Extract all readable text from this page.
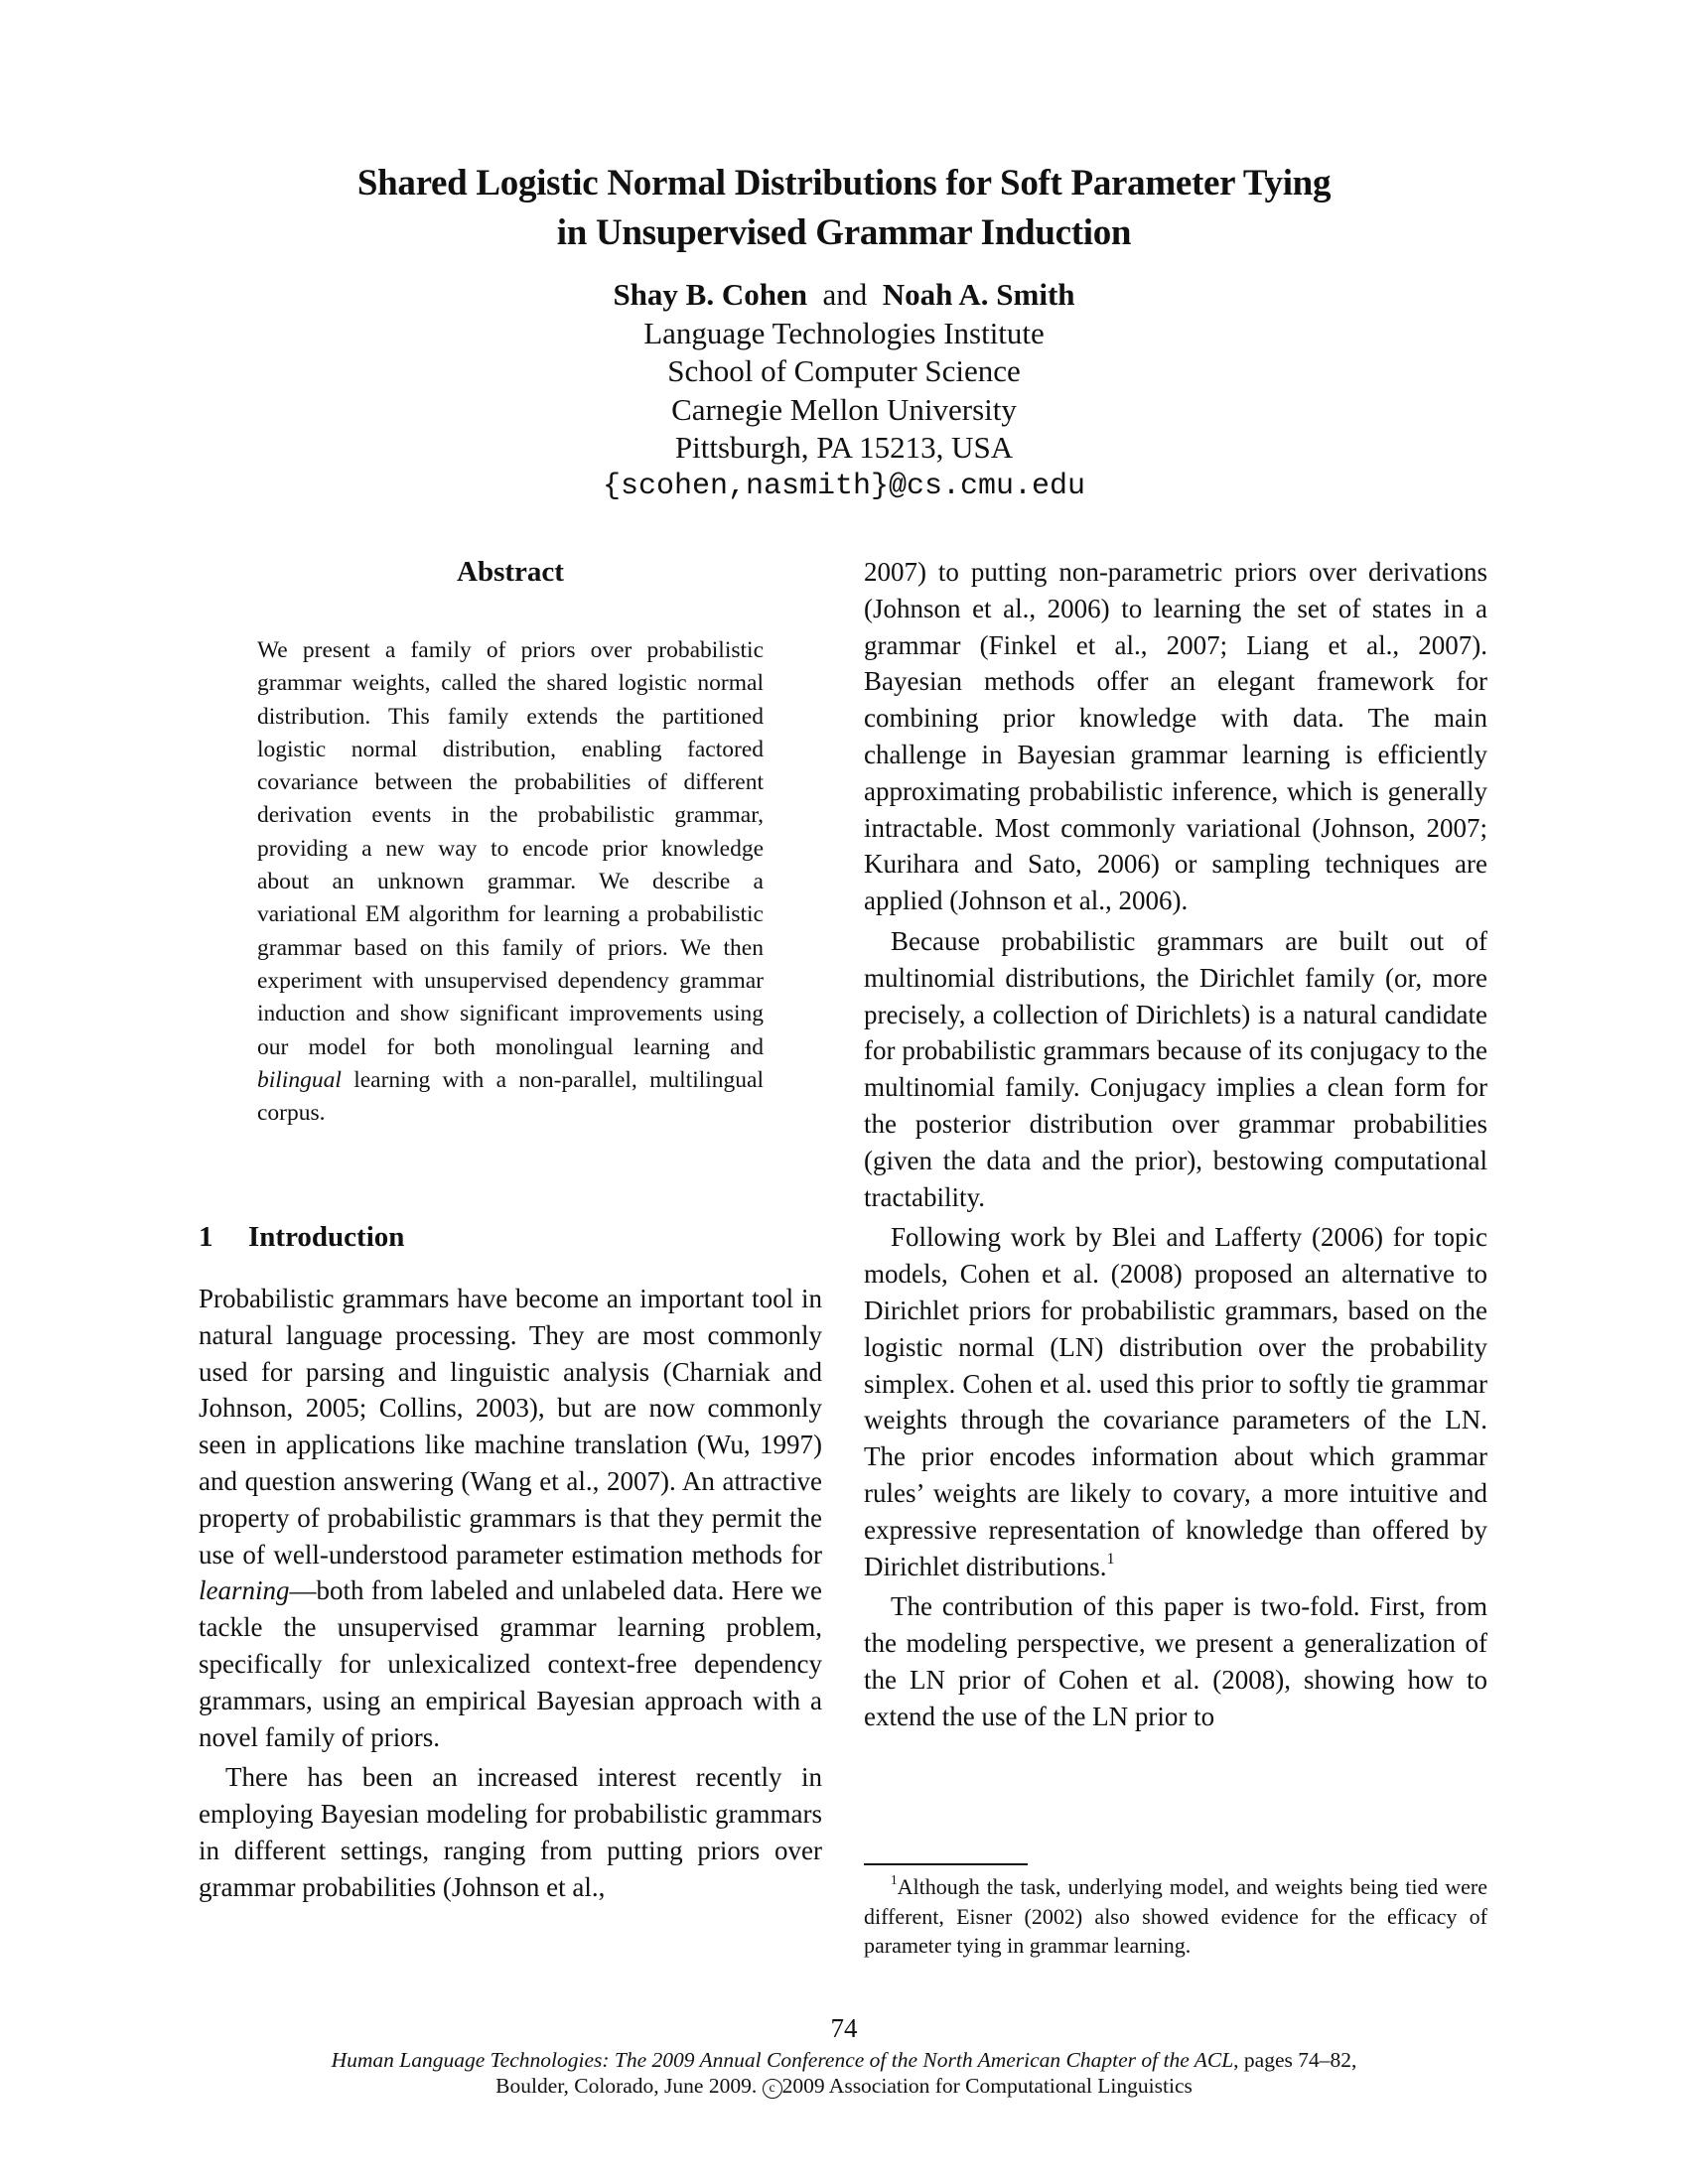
Shared Logistic Normal Distributions for Soft Parameter Tying
in Unsupervised Grammar Induction
Shay B. Cohen and Noah A. Smith
Language Technologies Institute
School of Computer Science
Carnegie Mellon University
Pittsburgh, PA 15213, USA
{scohen,nasmith}@cs.cmu.edu
Abstract
We present a family of priors over probabilistic grammar weights, called the shared logistic normal distribution. This family extends the partitioned logistic normal distribution, enabling factored covariance between the probabilities of different derivation events in the probabilistic grammar, providing a new way to encode prior knowledge about an unknown grammar. We describe a variational EM algorithm for learning a probabilistic grammar based on this family of priors. We then experiment with unsupervised dependency grammar induction and show significant improvements using our model for both monolingual learning and bilingual learning with a non-parallel, multilingual corpus.
1 Introduction

Probabilistic grammars have become an important tool in natural language processing. They are most commonly used for parsing and linguistic analysis (Charniak and Johnson, 2005; Collins, 2003), but are now commonly seen in applications like machine translation (Wu, 1997) and question answering (Wang et al., 2007). An attractive property of probabilistic grammars is that they permit the use of well-understood parameter estimation methods for learning—both from labeled and unlabeled data. Here we tackle the unsupervised grammar learning problem, specifically for unlexicalized context-free dependency grammars, using an empirical Bayesian approach with a novel family of priors.

There has been an increased interest recently in employing Bayesian modeling for probabilistic grammars in different settings, ranging from putting priors over grammar probabilities (Johnson et al.,

2007) to putting non-parametric priors over derivations (Johnson et al., 2006) to learning the set of states in a grammar (Finkel et al., 2007; Liang et al., 2007). Bayesian methods offer an elegant framework for combining prior knowledge with data. The main challenge in Bayesian grammar learning is efficiently approximating probabilistic inference, which is generally intractable. Most commonly variational (Johnson, 2007; Kurihara and Sato, 2006) or sampling techniques are applied (Johnson et al., 2006).

Because probabilistic grammars are built out of multinomial distributions, the Dirichlet family (or, more precisely, a collection of Dirichlets) is a natural candidate for probabilistic grammars because of its conjugacy to the multinomial family. Conjugacy implies a clean form for the posterior distribution over grammar probabilities (given the data and the prior), bestowing computational tractability.

Following work by Blei and Lafferty (2006) for topic models, Cohen et al. (2008) proposed an alternative to Dirichlet priors for probabilistic grammars, based on the logistic normal (LN) distribution over the probability simplex. Cohen et al. used this prior to softly tie grammar weights through the covariance parameters of the LN. The prior encodes information about which grammar rules’ weights are likely to covary, a more intuitive and expressive representation of knowledge than offered by Dirichlet distributions.$^1$

The contribution of this paper is two-fold. First, from the modeling perspective, we present a generalization of the LN prior of Cohen et al. (2008), showing how to extend the use of the LN prior to

$^1$Although the task, underlying model, and weights being tied were different, Eisner (2002) also showed evidence for the efficacy of parameter tying in grammar learning.
74
Human Language Technologies: The 2009 Annual Conference of the North American Chapter of the ACL, pages 74–82,
Boulder, Colorado, June 2009. c 2009 Association for Computational Linguistics
